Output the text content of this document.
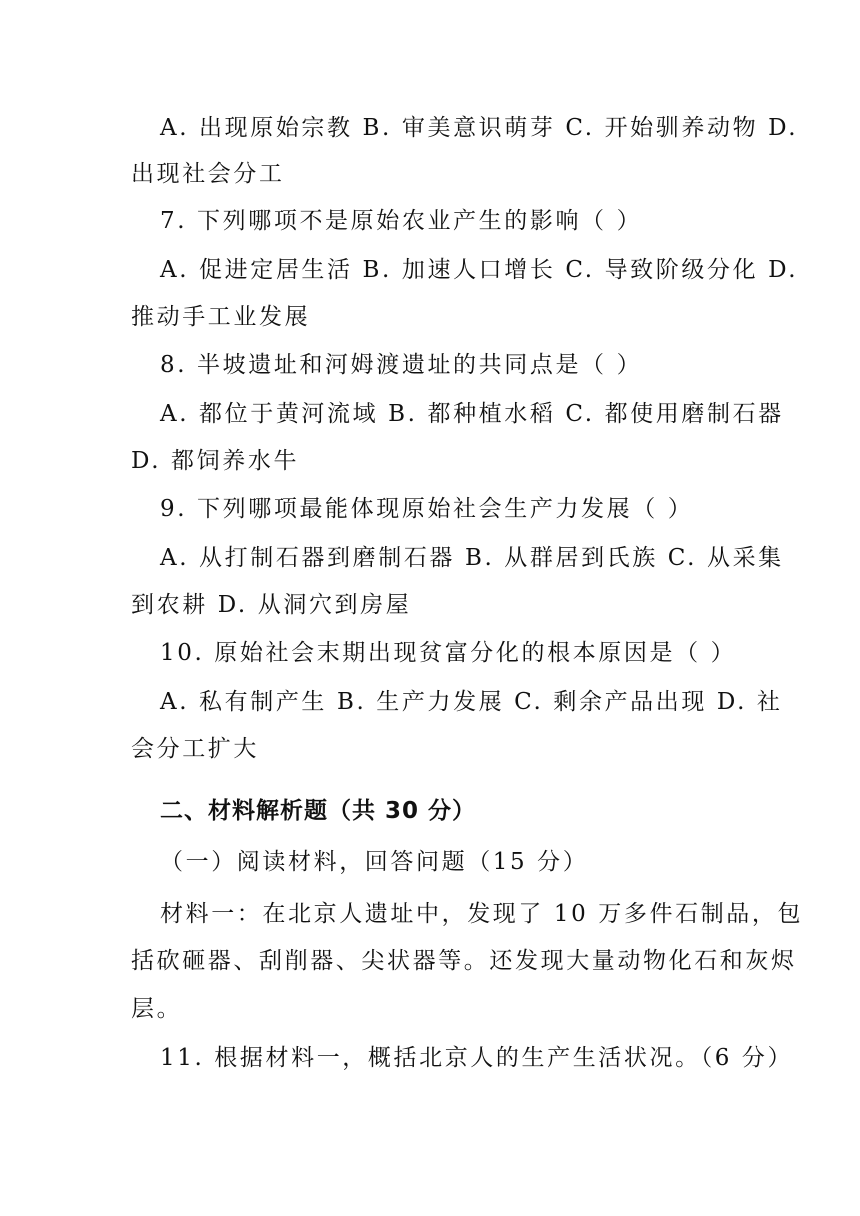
A. 出现原始宗教 B. 审美意识萌芽 C. 开始驯养动物 D.
出现社会分工
7. 下列哪项不是原始农业产生的影响（ ）
A. 促进定居生活 B. 加速人口增长 C. 导致阶级分化 D.
推动手工业发展
8. 半坡遗址和河姆渡遗址的共同点是（ ）
A. 都位于黄河流域 B. 都种植水稻 C. 都使用磨制石器
D. 都饲养水牛
9. 下列哪项最能体现原始社会生产力发展（ ）
A. 从打制石器到磨制石器 B. 从群居到氏族 C. 从采集
到农耕 D. 从洞穴到房屋
10. 原始社会末期出现贫富分化的根本原因是（ ）
A. 私有制产生 B. 生产力发展 C. 剩余产品出现 D. 社
会分工扩大
二、材料解析题（共 30 分）
（一）阅读材料，回答问题（15 分）
材料一：在北京人遗址中，发现了 10 万多件石制品，包
括砍砸器、刮削器、尖状器等。还发现大量动物化石和灰烬
层。
11. 根据材料一，概括北京人的生产生活状况。（6 分）
